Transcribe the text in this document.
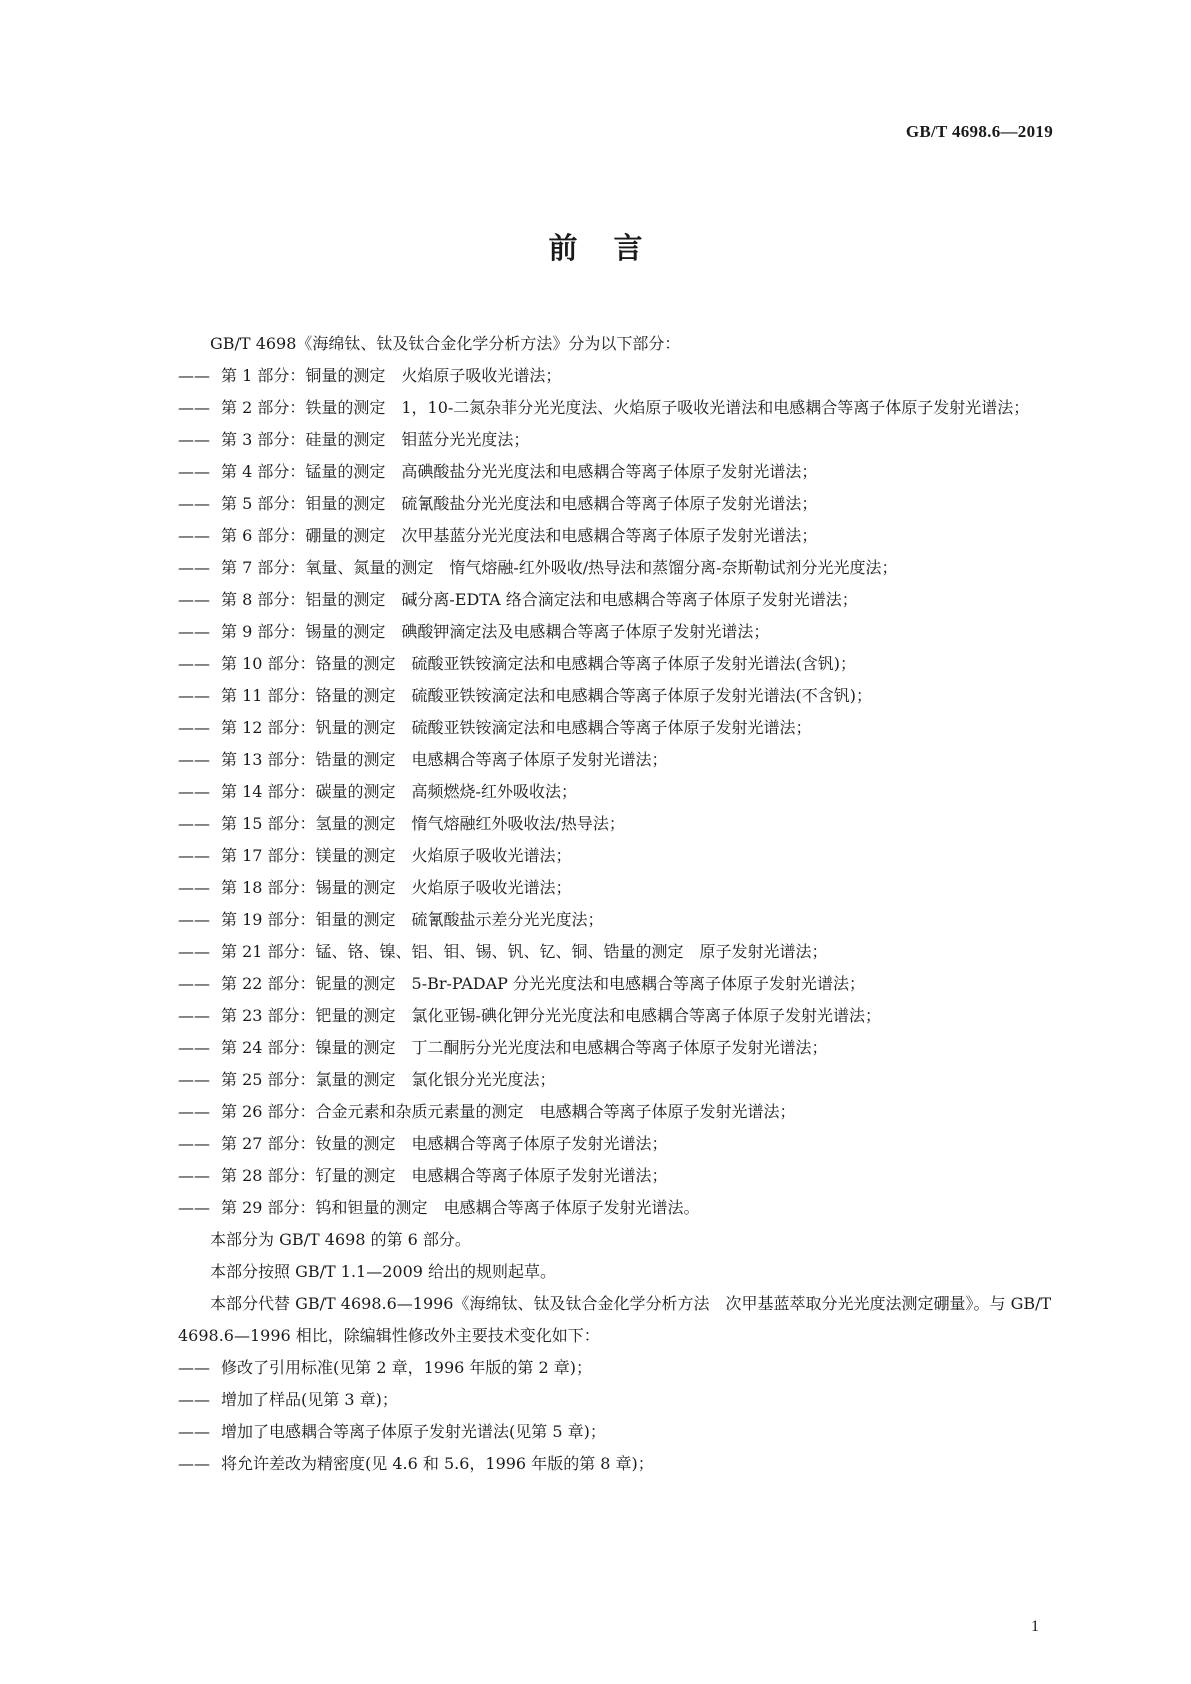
GB/T 4698.6—2019
前言

GB/T 4698《海绵钛、钛及钛合金化学分析方法》分为以下部分：

—— 第 1 部分：铜量的测定　火焰原子吸收光谱法；
—— 第 2 部分：铁量的测定　1，10-二氮杂菲分光光度法、火焰原子吸收光谱法和电感耦合等离子体原子发射光谱法；
—— 第 3 部分：硅量的测定　钼蓝分光光度法；
—— 第 4 部分：锰量的测定　高碘酸盐分光光度法和电感耦合等离子体原子发射光谱法；
—— 第 5 部分：钼量的测定　硫氰酸盐分光光度法和电感耦合等离子体原子发射光谱法；
—— 第 6 部分：硼量的测定　次甲基蓝分光光度法和电感耦合等离子体原子发射光谱法；
—— 第 7 部分：氧量、氮量的测定　惰气熔融-红外吸收/热导法和蒸馏分离-奈斯勒试剂分光光度法；
—— 第 8 部分：铝量的测定　碱分离-EDTA 络合滴定法和电感耦合等离子体原子发射光谱法；
—— 第 9 部分：锡量的测定　碘酸钾滴定法及电感耦合等离子体原子发射光谱法；
—— 第 10 部分：铬量的测定　硫酸亚铁铵滴定法和电感耦合等离子体原子发射光谱法(含钒)；
—— 第 11 部分：铬量的测定　硫酸亚铁铵滴定法和电感耦合等离子体原子发射光谱法(不含钒)；
—— 第 12 部分：钒量的测定　硫酸亚铁铵滴定法和电感耦合等离子体原子发射光谱法；
—— 第 13 部分：锆量的测定　电感耦合等离子体原子发射光谱法；
—— 第 14 部分：碳量的测定　高频燃烧-红外吸收法；
—— 第 15 部分：氢量的测定　惰气熔融红外吸收法/热导法；
—— 第 17 部分：镁量的测定　火焰原子吸收光谱法；
—— 第 18 部分：锡量的测定　火焰原子吸收光谱法；
—— 第 19 部分：钼量的测定　硫氰酸盐示差分光光度法；
—— 第 21 部分：锰、铬、镍、铝、钼、锡、钒、钇、铜、锆量的测定　原子发射光谱法；
—— 第 22 部分：铌量的测定　5-Br-PADAP 分光光度法和电感耦合等离子体原子发射光谱法；
—— 第 23 部分：钯量的测定　氯化亚锡-碘化钾分光光度法和电感耦合等离子体原子发射光谱法；
—— 第 24 部分：镍量的测定　丁二酮肟分光光度法和电感耦合等离子体原子发射光谱法；
—— 第 25 部分：氯量的测定　氯化银分光光度法；
—— 第 26 部分：合金元素和杂质元素量的测定　电感耦合等离子体原子发射光谱法；
—— 第 27 部分：钕量的测定　电感耦合等离子体原子发射光谱法；
—— 第 28 部分：钌量的测定　电感耦合等离子体原子发射光谱法；
—— 第 29 部分：钨和钽量的测定　电感耦合等离子体原子发射光谱法。

本部分为 GB/T 4698 的第 6 部分。

本部分按照 GB/T 1.1—2009 给出的规则起草。

本部分代替 GB/T 4698.6—1996《海绵钛、钛及钛合金化学分析方法　次甲基蓝萃取分光光度法测定硼量》。与 GB/T 4698.6—1996 相比，除编辑性修改外主要技术变化如下：

—— 修改了引用标准(见第 2 章，1996 年版的第 2 章)；
—— 增加了样品(见第 3 章)；
—— 增加了电感耦合等离子体原子发射光谱法(见第 5 章)；
—— 将允许差改为精密度(见 4.6 和 5.6，1996 年版的第 8 章)；
1
